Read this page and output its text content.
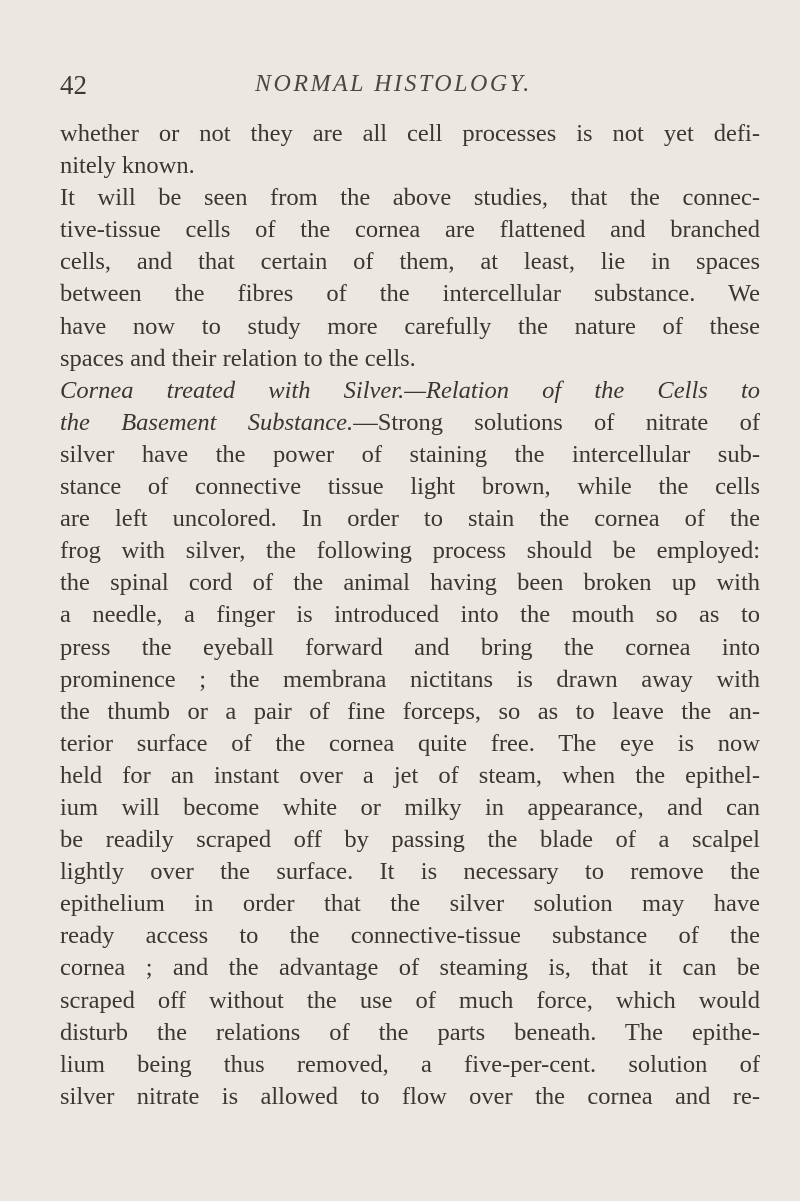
42	NORMAL HISTOLOGY.
whether or not they are all cell processes is not yet defi-
nitely known.
It will be seen from the above studies, that the connec-
tive-tissue cells of the cornea are flattened and branched
cells, and that certain of them, at least, lie in spaces
between the fibres of the intercellular substance. We
have now to study more carefully the nature of these
spaces and their relation to the cells.
Cornea treated with Silver.—Relation of the Cells to
the Basement Substance.—Strong solutions of nitrate of
silver have the power of staining the intercellular sub-
stance of connective tissue light brown, while the cells
are left uncolored. In order to stain the cornea of the
frog with silver, the following process should be employed:
the spinal cord of the animal having been broken up with
a needle, a finger is introduced into the mouth so as to
press the eyeball forward and bring the cornea into
prominence ; the membrana nictitans is drawn away with
the thumb or a pair of fine forceps, so as to leave the an-
terior surface of the cornea quite free. The eye is now
held for an instant over a jet of steam, when the epithel-
ium will become white or milky in appearance, and can
be readily scraped off by passing the blade of a scalpel
lightly over the surface. It is necessary to remove the
epithelium in order that the silver solution may have
ready access to the connective-tissue substance of the
cornea ; and the advantage of steaming is, that it can be
scraped off without the use of much force, which would
disturb the relations of the parts beneath. The epithe-
lium being thus removed, a five-per-cent. solution of
silver nitrate is allowed to flow over the cornea and re-
